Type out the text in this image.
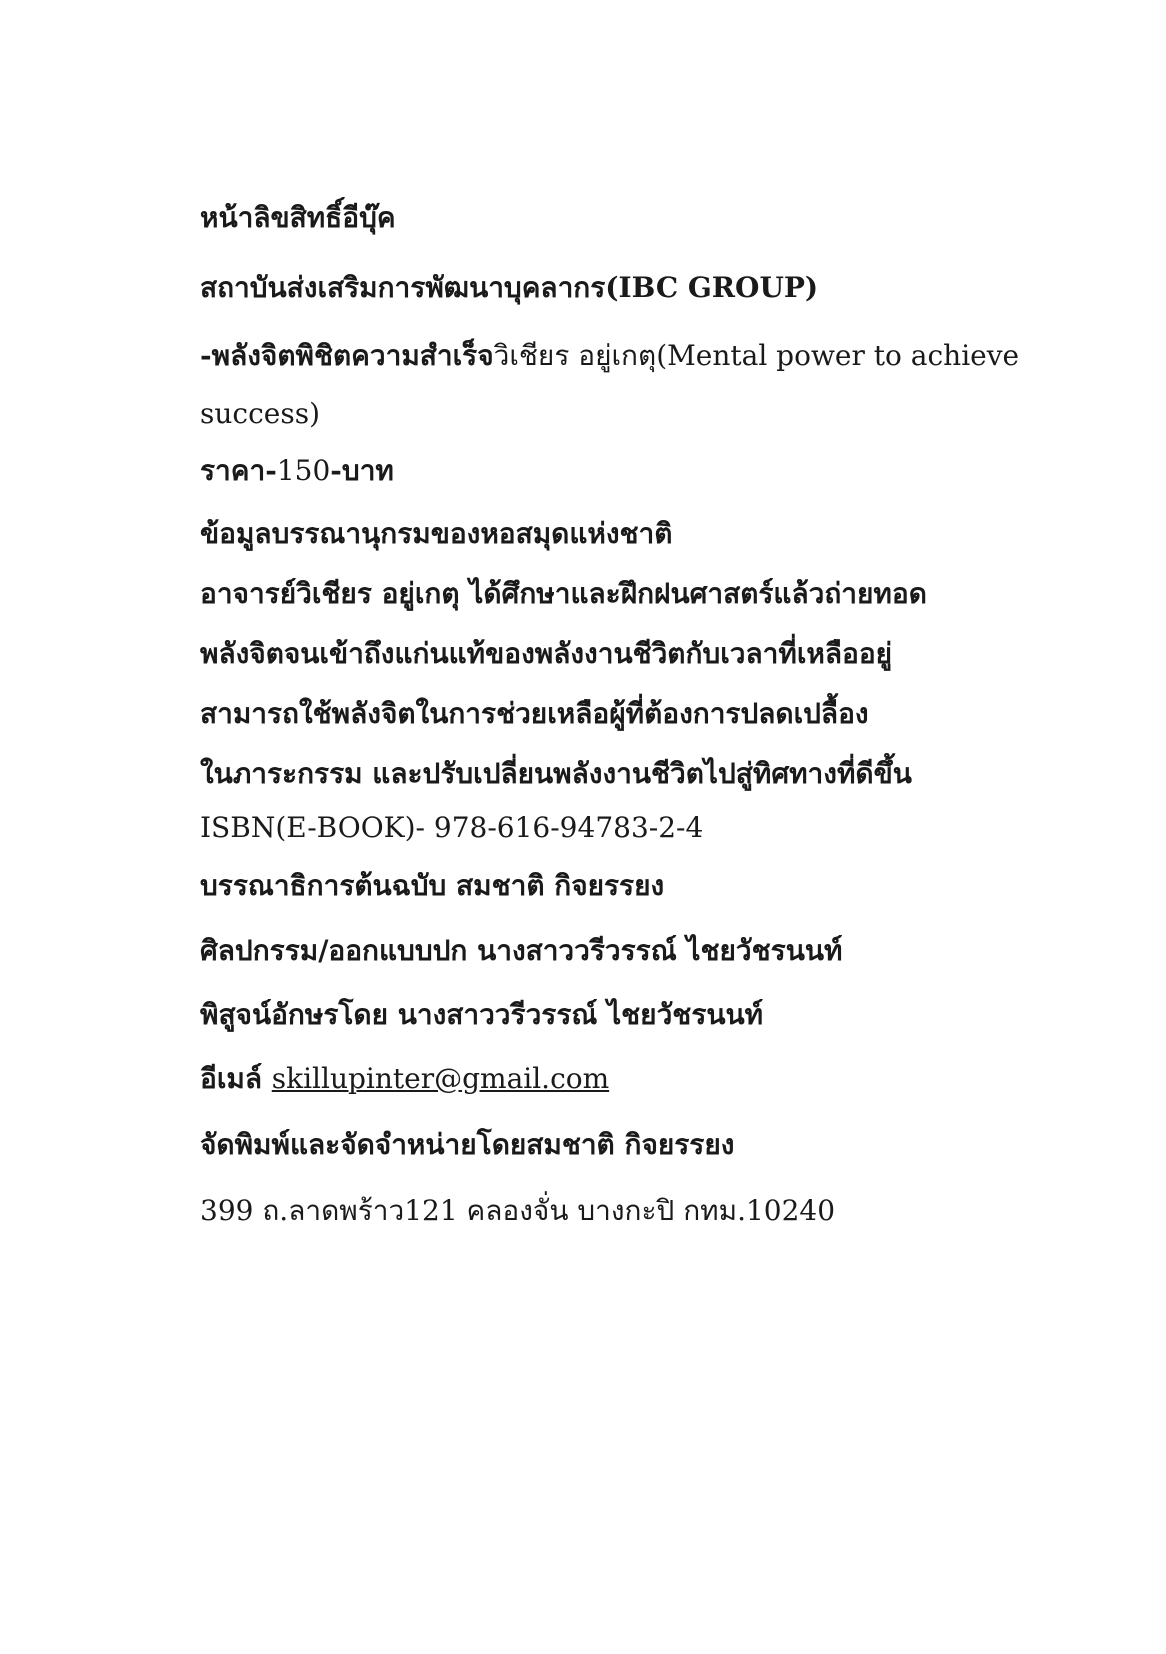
หน้าลิขสิทธิ์อีบุ๊ค
สถาบันส่งเสริมการพัฒนาบุคลากร(IBC GROUP)
-พลังจิตพิชิตความสำเร็จวิเชียร อยู่เกตุ(Mental power to achieve
success)
ราคา-150-บาท
ข้อมูลบรรณานุกรมของหอสมุดแห่งชาติ
อาจารย์วิเชียร อยู่เกตุ ได้ศึกษาและฝึกฝนศาสตร์แล้วถ่ายทอด
พลังจิตจนเข้าถึงแก่นแท้ของพลังงานชีวิตกับเวลาที่เหลืออยู่
สามารถใช้พลังจิตในการช่วยเหลือผู้ที่ต้องการปลดเปลื้อง
ในภาระกรรม และปรับเปลี่ยนพลังงานชีวิตไปสู่ทิศทางที่ดีขึ้น
ISBN(E-BOOK)- 978-616-94783-2-4
บรรณาธิการต้นฉบับ สมชาติ กิจยรรยง
ศิลปกรรม/ออกแบบปก นางสาววรีวรรณ์ ไชยวัชรนนท์
พิสูจน์อักษรโดย นางสาววรีวรรณ์ ไชยวัชรนนท์
อีเมล์ skillupinter@gmail.com
จัดพิมพ์และจัดจำหน่ายโดยสมชาติ กิจยรรยง
399 ถ.ลาดพร้าว121 คลองจั่น บางกะปิ กทม.10240
